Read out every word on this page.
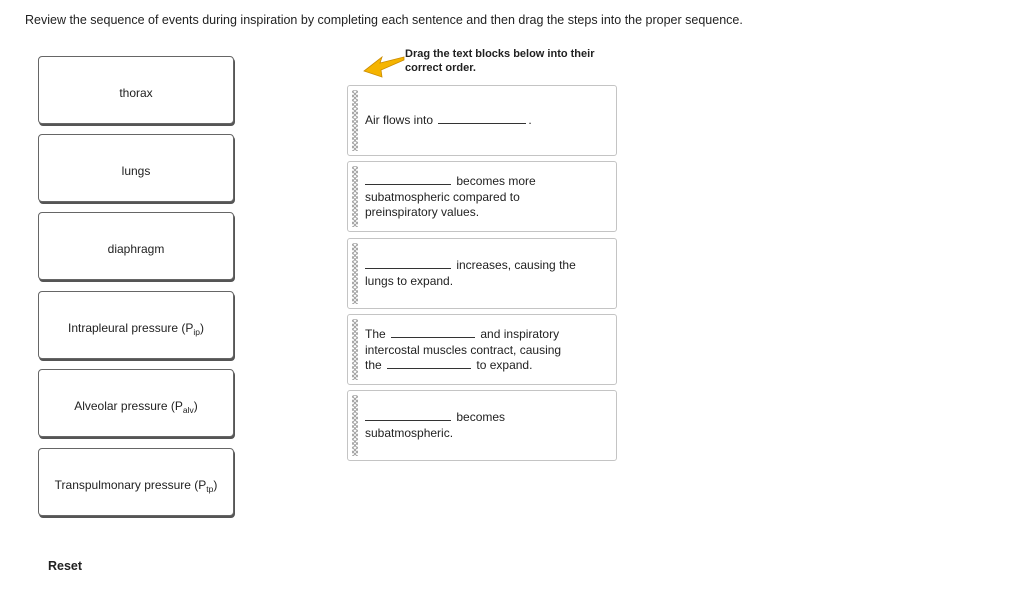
Review the sequence of events during inspiration by completing each sentence and then drag the steps into the proper sequence.
thorax
lungs
diaphragm
Intrapleural pressure $(P_{ip})$
Alveolar pressure $(P_{alv})$
Transpulmonary pressure $(P_{tp})$
Reset
Drag the text blocks below into their
correct order.
Air flows into	.
becomes more
subatmospheric compared to
preinspiratory values.
increases, causing the
lungs to expand.
The	and inspiratory
intercostal muscles contract, causing
the	to expand.
becomes
subatmospheric.
